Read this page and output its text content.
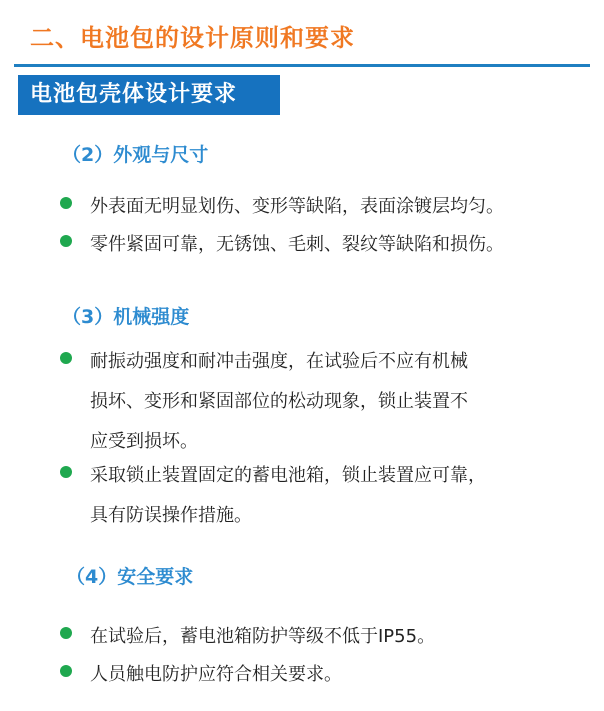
二、电池包的设计原则和要求
电池包壳体设计要求
（2）外观与尺寸
外表面无明显划伤、变形等缺陷，表面涂镀层均匀。
零件紧固可靠，无锈蚀、毛刺、裂纹等缺陷和损伤。
（3）机械强度
耐振动强度和耐冲击强度，在试验后不应有机械
损坏、变形和紧固部位的松动现象，锁止装置不
应受到损坏。
采取锁止装置固定的蓄电池箱，锁止装置应可靠，
具有防误操作措施。
（4）安全要求
在试验后，蓄电池箱防护等级不低于IP55。
人员触电防护应符合相关要求。
